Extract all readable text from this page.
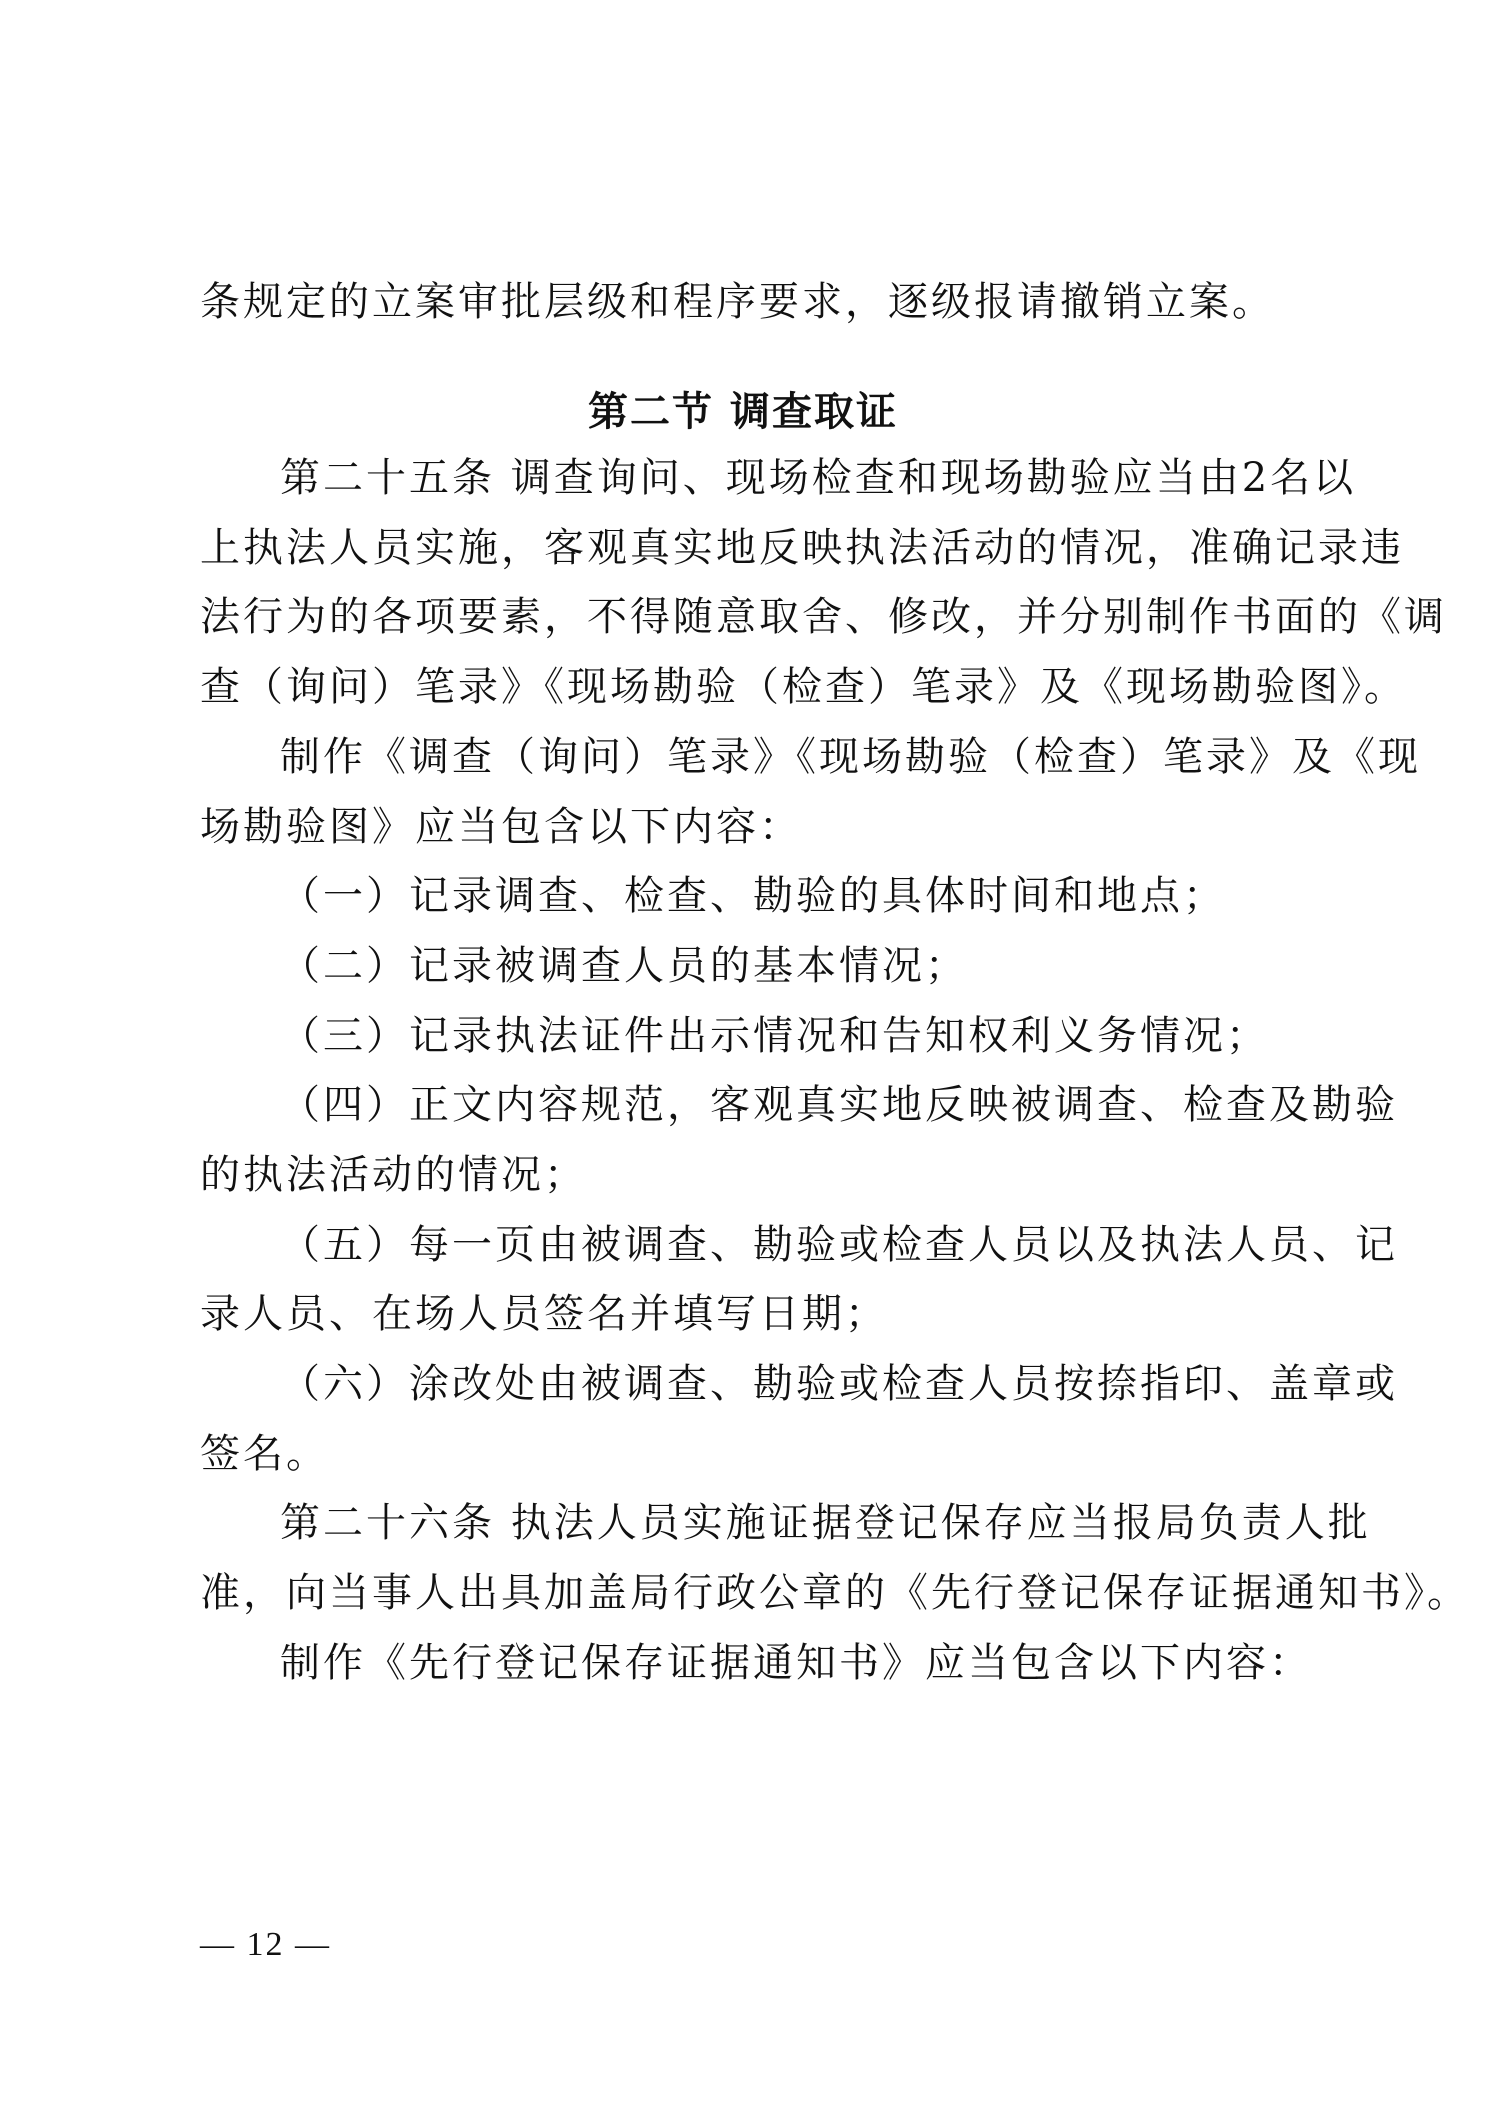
条规定的立案审批层级和程序要求，逐级报请撤销立案。
第二节 调查取证
第二十五条 调查询问、现场检查和现场勘验应当由2名以
上执法人员实施，客观真实地反映执法活动的情况，准确记录违
法行为的各项要素，不得随意取舍、修改，并分别制作书面的《调
查（询问）笔录》《现场勘验（检查）笔录》及《现场勘验图》。
制作《调查（询问）笔录》《现场勘验（检查）笔录》及《现
场勘验图》应当包含以下内容：
（一）记录调查、检查、勘验的具体时间和地点；
（二）记录被调查人员的基本情况；
（三）记录执法证件出示情况和告知权利义务情况；
（四）正文内容规范，客观真实地反映被调查、检查及勘验
的执法活动的情况；
（五）每一页由被调查、勘验或检查人员以及执法人员、记
录人员、在场人员签名并填写日期；
（六）涂改处由被调查、勘验或检查人员按捺指印、盖章或
签名。
第二十六条 执法人员实施证据登记保存应当报局负责人批
准，向当事人出具加盖局行政公章的《先行登记保存证据通知书》。
制作《先行登记保存证据通知书》应当包含以下内容：
— 12 —
